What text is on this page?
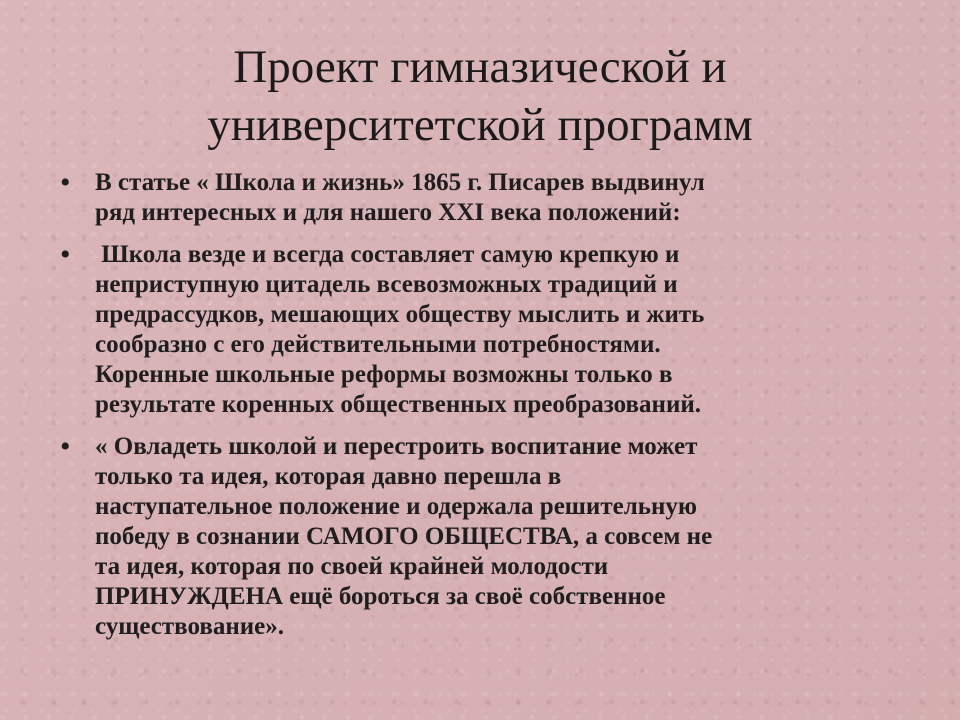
Проект гимназической и
университетской программ
• В статье « Школа и жизнь» 1865 г. Писарев выдвинул
ряд интересных и для нашего XXI века положений:
• Школа везде и всегда составляет самую крепкую и
неприступную цитадель всевозможных традиций и
предрассудков, мешающих обществу мыслить и жить
сообразно с его действительными потребностями.
Коренные школьные реформы возможны только в
результате коренных общественных преобразований.
• « Овладеть школой и перестроить воспитание может
только та идея, которая давно перешла в
наступательное положение и одержала решительную
победу в сознании САМОГО ОБЩЕСТВА, а совсем не
та идея, которая по своей крайней молодости
ПРИНУЖДЕНА ещё бороться за своё собственное
существование».
